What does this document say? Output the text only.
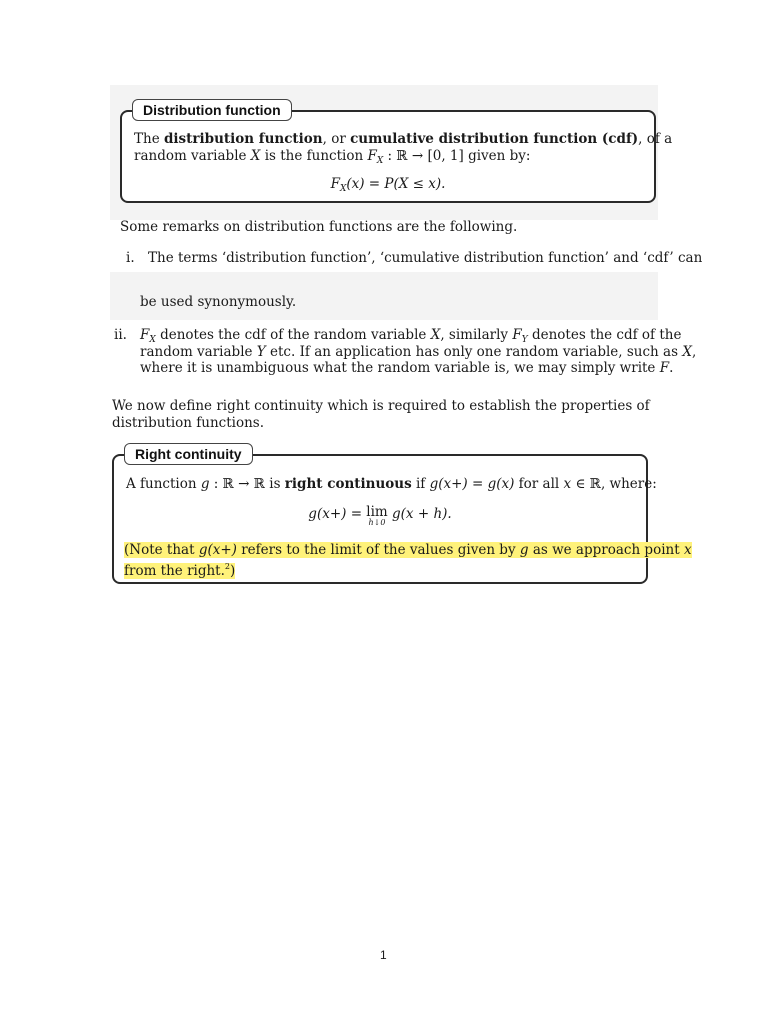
Distribution function
The distribution function, or cumulative distribution function (cdf), of a
random variable X is the function $F_X$ : ℝ → [0, 1] given by:
$F_X(x) = P(X \le x)$.
Some remarks on distribution functions are the following.
i. The terms ‘distribution function’, ‘cumulative distribution function’ and ‘cdf’ can
be used synonymously.
ii. $F_X$ denotes the cdf of the random variable X, similarly $F_Y$ denotes the cdf of the
random variable Y etc. If an application has only one random variable, such as X,
where it is unambiguous what the random variable is, we may simply write F.
We now define right continuity which is required to establish the properties of
distribution functions.
Right continuity
A function g : ℝ → ℝ is right continuous if g(x+) = g(x) for all x ∈ ℝ, where:
g(x+) = lim
h↓0
g(x + h).
(Note that g(x+) refers to the limit of the values given by g as we approach point x
from the right.$^2$)
1
